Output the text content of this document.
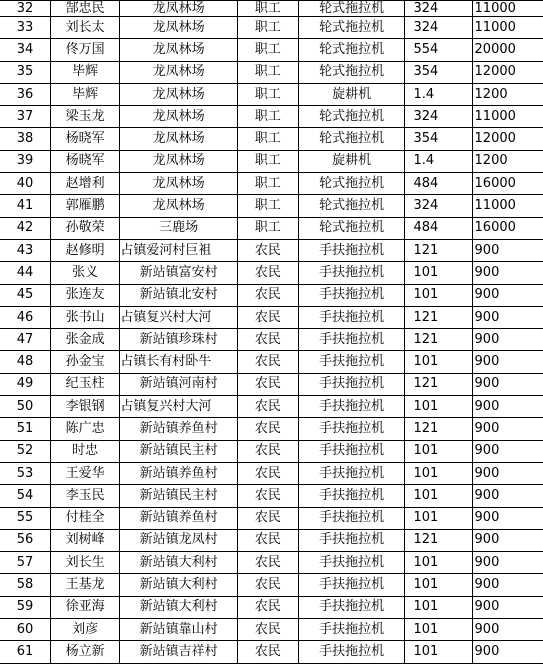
32	郜忠民	龙凤林场	职工	轮式拖拉机	324	11000
33	刘长太	龙凤林场	职工	轮式拖拉机	324	11000
34	佟万国	龙凤林场	职工	轮式拖拉机	554	20000
35	毕辉	龙凤林场	职工	轮式拖拉机	354	12000
36	毕辉	龙凤林场	职工	旋耕机	1.4	1200
37	梁玉龙	龙凤林场	职工	轮式拖拉机	324	11000
38	杨晓军	龙凤林场	职工	轮式拖拉机	354	12000
39	杨晓军	龙凤林场	职工	旋耕机	1.4	1200
40	赵增利	龙凤林场	职工	轮式拖拉机	484	16000
41	郭雁鹏	龙凤林场	职工	轮式拖拉机	324	11000
42	孙敬荣	三鹿场	职工	轮式拖拉机	484	16000
43	赵修明	占镇爱河村巨袓	农民	手扶拖拉机	121	900
44	张义	新站镇富安村	农民	手扶拖拉机	101	900
45	张连友	新站镇北安村	农民	手扶拖拉机	101	900
46	张书山	占镇复兴村大河	农民	手扶拖拉机	121	900
47	张金成	新站镇珍珠村	农民	手扶拖拉机	121	900
48	孙金宝	占镇长有村卧牛	农民	手扶拖拉机	101	900
49	纪玉柱	新站镇河南村	农民	手扶拖拉机	121	900
50	李银钢	占镇复兴村大河	农民	手扶拖拉机	101	900
51	陈广忠	新站镇养鱼村	农民	手扶拖拉机	121	900
52	时忠	新站镇民主村	农民	手扶拖拉机	101	900
53	王爱华	新站镇养鱼村	农民	手扶拖拉机	101	900
54	李玉民	新站镇民主村	农民	手扶拖拉机	101	900
55	付桂全	新站镇养鱼村	农民	手扶拖拉机	101	900
56	刘树峰	新站镇龙凤村	农民	手扶拖拉机	121	900
57	刘长生	新站镇大利村	农民	手扶拖拉机	101	900
58	王基龙	新站镇大利村	农民	手扶拖拉机	101	900
59	徐亚海	新站镇大利村	农民	手扶拖拉机	101	900
60	刘彦	新站镇靠山村	农民	手扶拖拉机	101	900
61	杨立新	新站镇吉祥村	农民	手扶拖拉机	101	900
